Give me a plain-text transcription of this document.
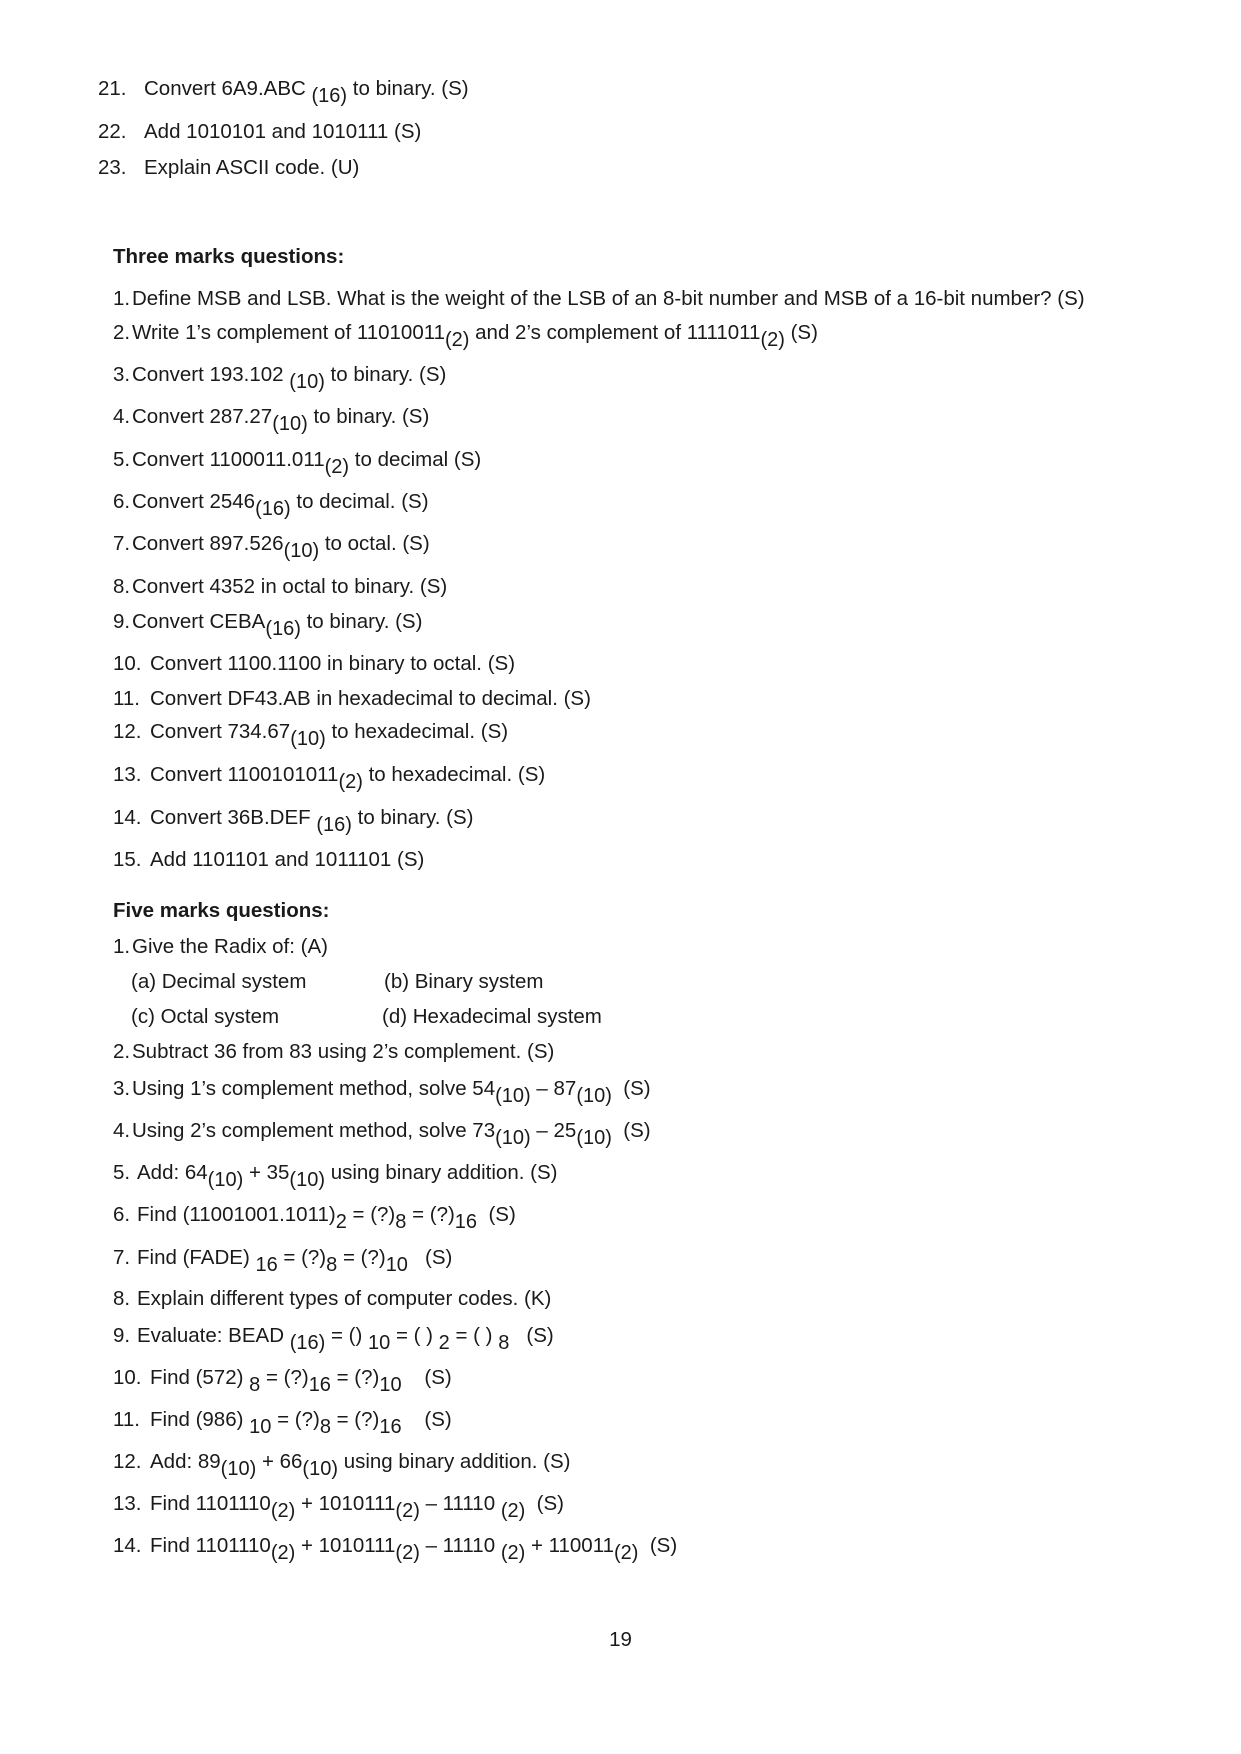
21. Convert 6A9.ABC (16) to binary. (S)
22. Add 1010101 and 1010111 (S)
23. Explain ASCII code. (U)
Three marks questions:
1.Define MSB and LSB. What is the weight of the LSB of an 8-bit number and MSB of a 16-bit number? (S)
2.Write 1’s complement of 11010011(2) and 2’s complement of 1111011(2) (S)
3.Convert 193.102 (10) to binary. (S)
4.Convert 287.27(10) to binary. (S)
5.Convert 1100011.011(2) to decimal (S)
6.Convert 2546(16) to decimal. (S)
7.Convert 897.526(10) to octal. (S)
8.Convert 4352 in octal to binary. (S)
9.Convert CEBA(16) to binary. (S)
10. Convert 1100.1100 in binary to octal. (S)
11. Convert DF43.AB in hexadecimal to decimal. (S)
12. Convert 734.67(10) to hexadecimal. (S)
13. Convert 1100101011(2) to hexadecimal. (S)
14. Convert 36B.DEF (16) to binary. (S)
15. Add 1101101 and 1011101 (S)
Five marks questions:
1.Give the Radix of: (A)
(a) Decimal system	(b) Binary system
(c) Octal system	(d) Hexadecimal system
2.Subtract 36 from 83 using 2’s complement. (S)
3.Using 1’s complement method, solve 54(10) – 87(10)  (S)
4.Using 2’s complement method, solve 73(10) – 25(10)  (S)
5. Add: 64(10) + 35(10) using binary addition. (S)
6. Find (11001001.1011)2 = (?)8 = (?)16  (S)
7. Find (FADE) 16 = (?)8 = (?)10   (S)
8. Explain different types of computer codes. (K)
9. Evaluate: BEAD (16) = () 10 = ( ) 2 = ( ) 8   (S)
10. Find (572) 8 = (?)16 = (?)10    (S)
11. Find (986) 10 = (?)8 = (?)16    (S)
12. Add: 89(10) + 66(10) using binary addition. (S)
13. Find 1101110(2) + 1010111(2) – 11110 (2)  (S)
14. Find 1101110(2) + 1010111(2) – 11110 (2) + 110011(2)  (S)
19
